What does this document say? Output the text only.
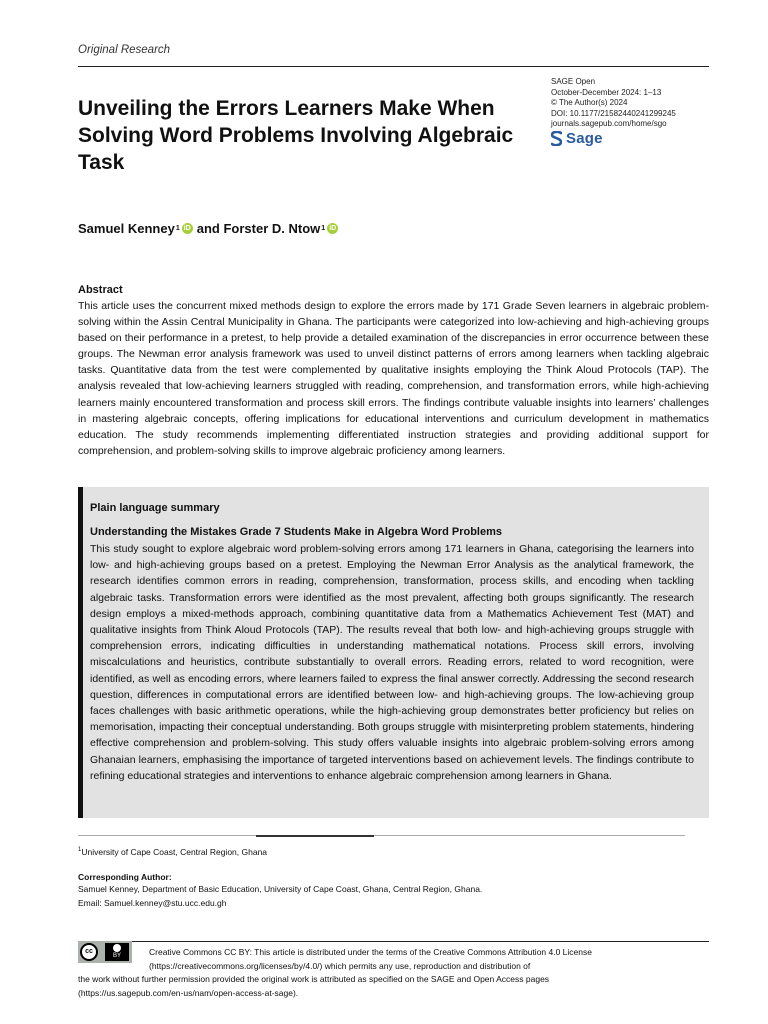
Original Research
Unveiling the Errors Learners Make When Solving Word Problems Involving Algebraic Task
SAGE Open
October-December 2024: 1–13
© The Author(s) 2024
DOI: 10.1177/21582440241299245
journals.sagepub.com/home/sgo
Sage
Samuel Kenney 1 iD and
Forster D. Ntow 1 iD
Abstract
This article uses the concurrent mixed methods design to explore the errors made by 171 Grade Seven learners in algebraic problem-solving within the Assin Central Municipality in Ghana. The participants were categorized into low-achieving and high-achieving groups based on their performance in a pretest, to help provide a detailed examination of the discrepancies in error occurrence between these groups. The Newman error analysis framework was used to unveil distinct patterns of errors among learners when tackling algebraic tasks. Quantitative data from the test were complemented by qualitative insights employing the Think Aloud Protocols (TAP). The analysis revealed that low-achieving learners struggled with reading, comprehension, and transformation errors, while high-achieving learners mainly encountered transformation and process skill errors. The findings contribute valuable insights into learners’ challenges in mastering algebraic concepts, offering implications for educational interventions and curriculum development in mathematics education. The study recommends implementing differentiated instruction strategies and providing additional support for comprehension, and problem-solving skills to improve algebraic proficiency among learners.
Plain language summary
Understanding the Mistakes Grade 7 Students Make in Algebra Word Problems
This study sought to explore algebraic word problem-solving errors among 171 learners in Ghana, categorising the learners into low- and high-achieving groups based on a pretest. Employing the Newman Error Analysis as the analytical framework, the research identifies common errors in reading, comprehension, transformation, process skills, and encoding when tackling algebraic tasks. Transformation errors were identified as the most prevalent, affecting both groups significantly. The research design employs a mixed-methods approach, combining quantitative data from a Mathematics Achievement Test (MAT) and qualitative insights from Think Aloud Protocols (TAP). The results reveal that both low- and high-achieving groups struggle with comprehension errors, indicating difficulties in understanding mathematical notations. Process skill errors, involving miscalculations and heuristics, contribute substantially to overall errors. Reading errors, related to word recognition, were identified, as well as encoding errors, where learners failed to express the final answer correctly. Addressing the second research question, differences in computational errors are identified between low- and high-achieving groups. The low-achieving group faces challenges with basic arithmetic operations, while the high-achieving group demonstrates better proficiency but relies on memorisation, impacting their conceptual understanding. Both groups struggle with misinterpreting problem statements, hindering effective comprehension and problem-solving. This study offers valuable insights into algebraic problem-solving errors among Ghanaian learners, emphasising the importance of targeted interventions based on achievement levels. The findings contribute to refining educational strategies and interventions to enhance algebraic comprehension among learners in Ghana.
$^1$University of Cape Coast, Central Region, Ghana
Corresponding Author:
Samuel Kenney, Department of Basic Education, University of Cape Coast, Ghana, Central Region, Ghana.
Email: Samuel.kenney@stu.ucc.edu.gh
cc
BY	Creative Commons CC BY: This article is distributed under the terms of the Creative Commons Attribution 4.0 License
(https://creativecommons.org/licenses/by/4.0/) which permits any use, reproduction and distribution of
the work without further permission provided the original work is attributed as specified on the SAGE and Open Access pages
(https://us.sagepub.com/en-us/nam/open-access-at-sage).
